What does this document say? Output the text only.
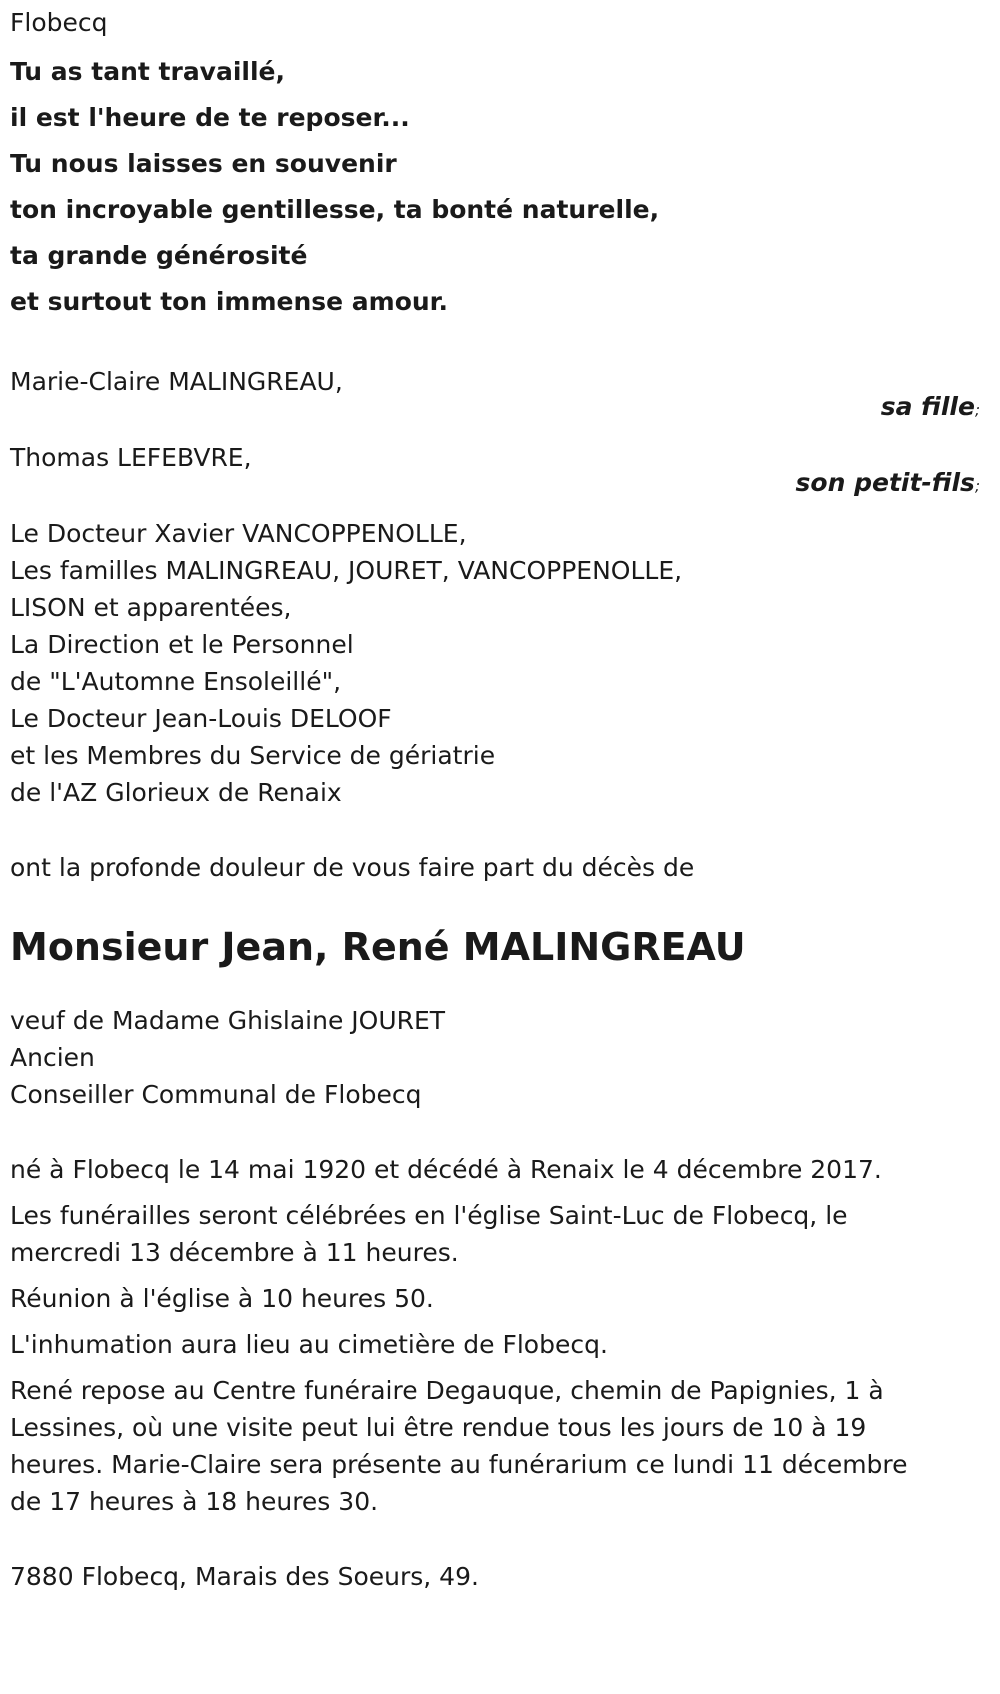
Flobecq
Tu as tant travaillé,
il est l'heure de te reposer...
Tu nous laisses en souvenir
ton incroyable gentillesse, ta bonté naturelle,
ta grande générosité
et surtout ton immense amour.
Marie-Claire MALINGREAU,
sa fille;
Thomas LEFEBVRE,
son petit-fils;
Le Docteur Xavier VANCOPPENOLLE,
Les familles MALINGREAU, JOURET, VANCOPPENOLLE,
LISON et apparentées,
La Direction et le Personnel
de "L'Automne Ensoleillé",
Le Docteur Jean-Louis DELOOF
et les Membres du Service de gériatrie
de l'AZ Glorieux de Renaix
ont la profonde douleur de vous faire part du décès de
Monsieur Jean, René MALINGREAU
veuf de Madame Ghislaine JOURET
Ancien
Conseiller Communal de Flobecq
né à Flobecq le 14 mai 1920 et décédé à Renaix le 4 décembre 2017.
Les funérailles seront célébrées en l'église Saint-Luc de Flobecq, le mercredi 13 décembre à 11 heures.
Réunion à l'église à 10 heures 50.
L'inhumation aura lieu au cimetière de Flobecq.
René repose au Centre funéraire Degauque, chemin de Papignies, 1 à Lessines, où une visite peut lui être rendue tous les jours de 10 à 19 heures. Marie-Claire sera présente au funérarium ce lundi 11 décembre de 17 heures à 18 heures 30.
7880 Flobecq, Marais des Soeurs, 49.
